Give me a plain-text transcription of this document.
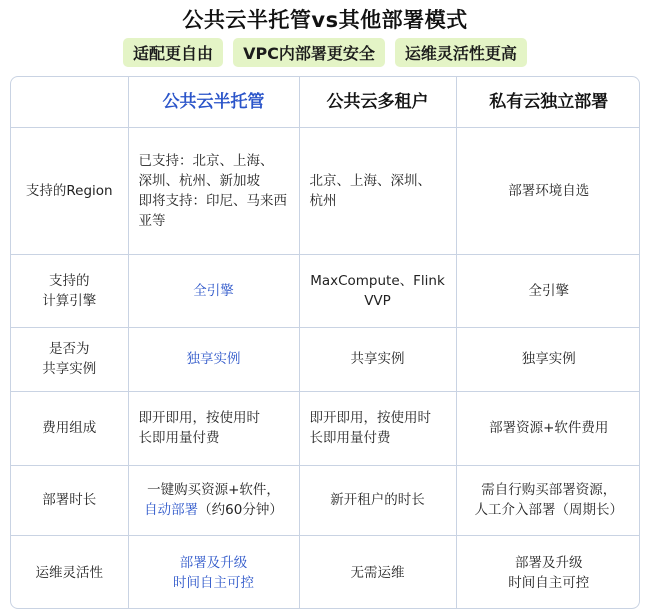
公共云半托管vs其他部署模式
适配更自由	VPC内部署更安全	运维灵活性更高
	公共云半托管	公共云多租户	私有云独立部署
支持的Region	已支持：北京、上海、
深圳、杭州、新加坡
即将支持：印尼、马来西
亚等	北京、上海、深圳、
杭州	部署环境自选

支持的
计算引擎	全引擎	MaxCompute、Flink
VVP	全引擎

是否为
共享实例	独享实例	共享实例	独享实例

费用组成	即开即用，按使用时
长即用量付费	即开即用，按使用时
长即用量付费	部署资源+软件费用

部署时长	一键购买资源+软件，
自动部署（约60分钟）	新开租户的时长	需自行购买部署资源，
人工介入部署（周期长）

运维灵活性	部署及升级
时间自主可控	无需运维	部署及升级
时间自主可控
